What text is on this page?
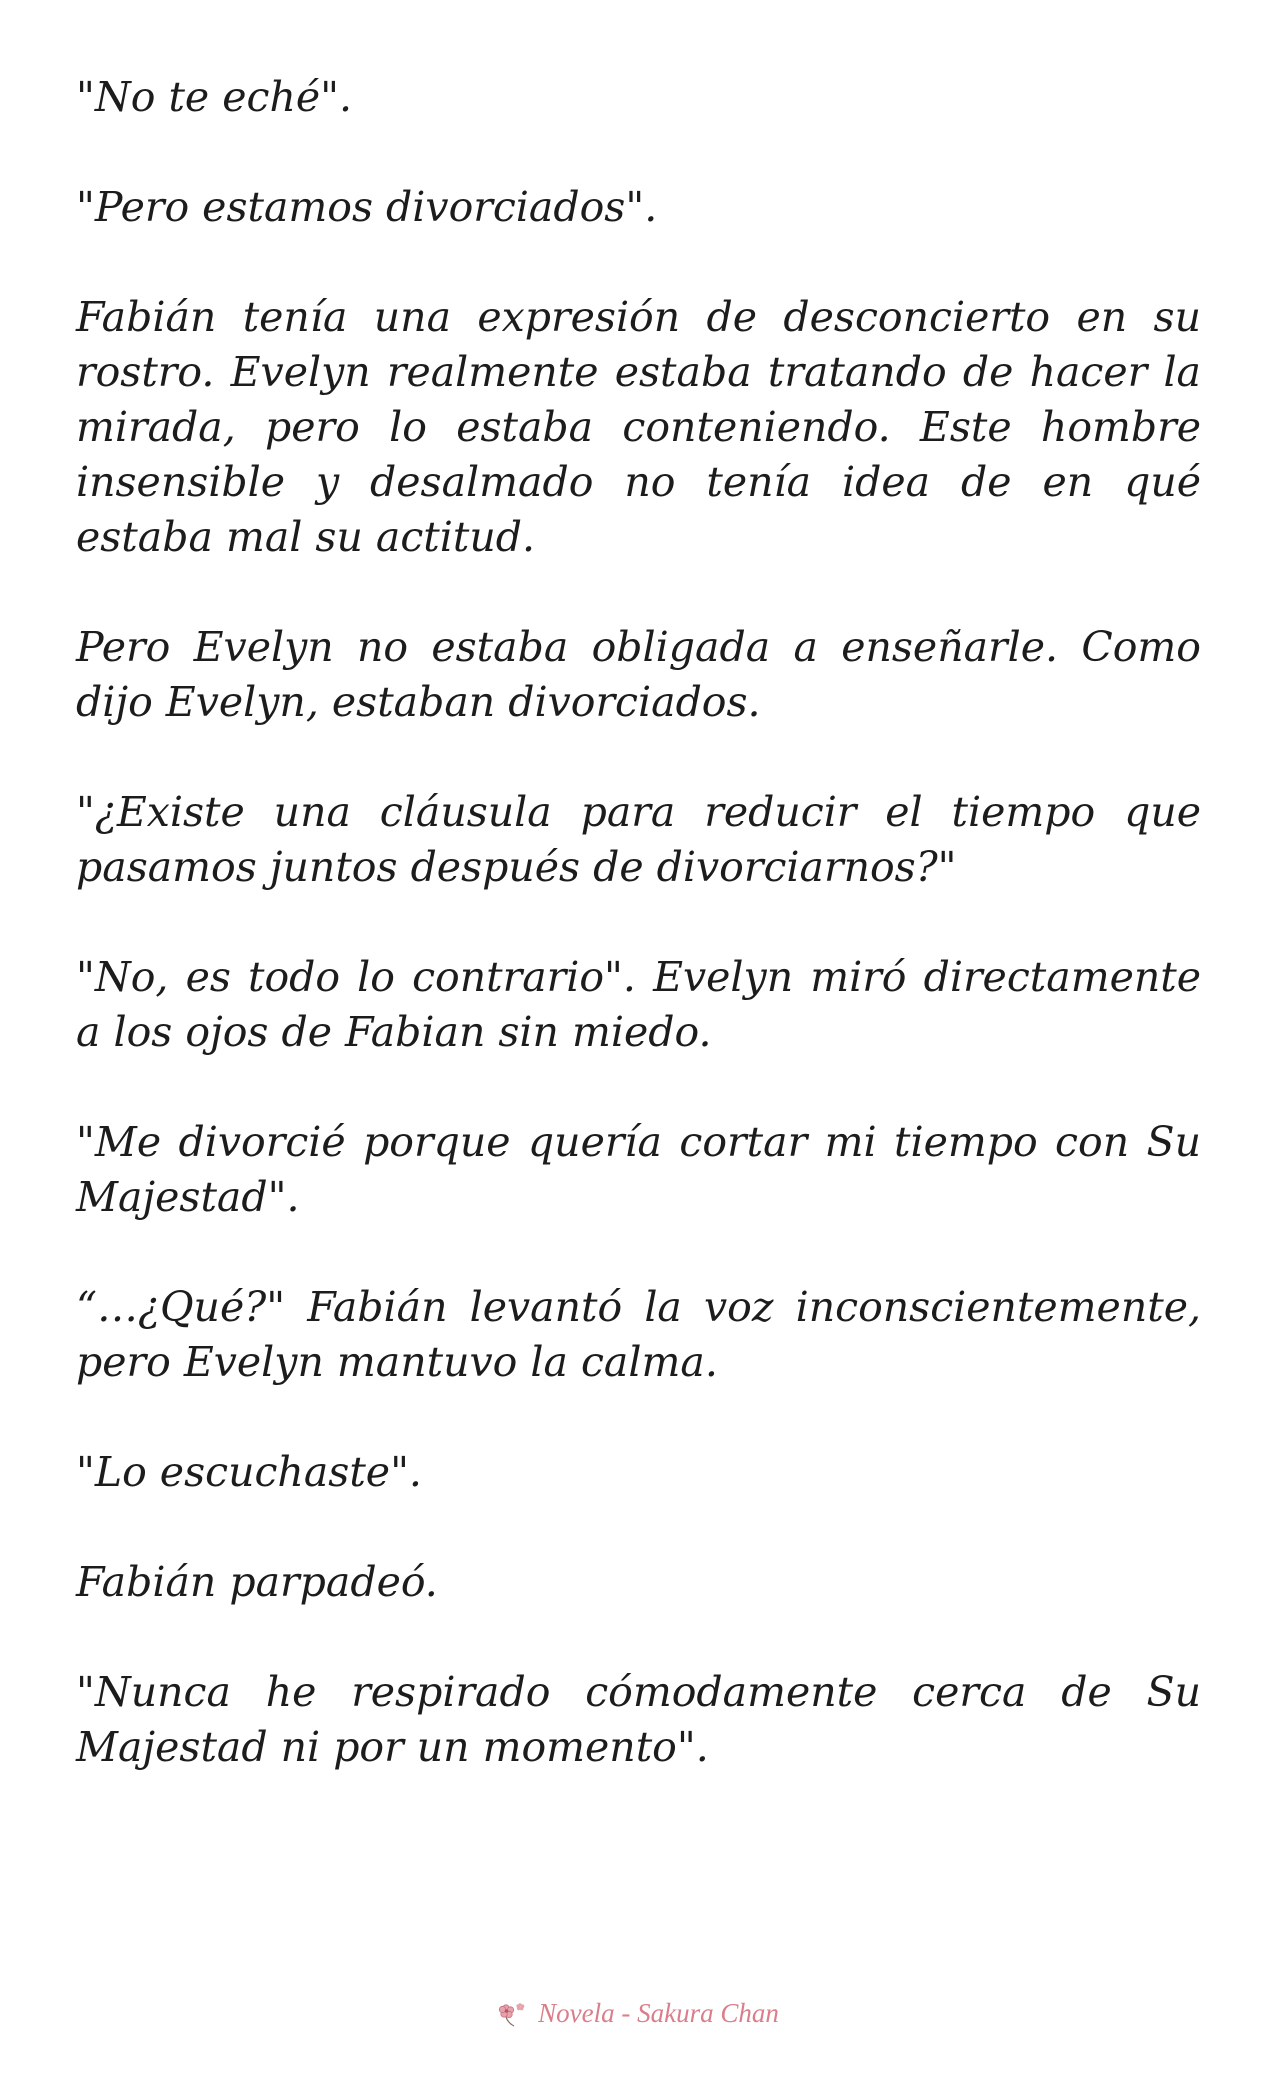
"No te eché".

"Pero estamos divorciados".

Fabián tenía una expresión de desconcierto en su rostro. Evelyn realmente estaba tratando de hacer la mirada, pero lo estaba conteniendo. Este hombre insensible y desalmado no tenía idea de en qué estaba mal su actitud.

Pero Evelyn no estaba obligada a enseñarle. Como dijo Evelyn, estaban divorciados.

"¿Existe una cláusula para reducir el tiempo que pasamos juntos después de divorciarnos?"

"No, es todo lo contrario". Evelyn miró directamente a los ojos de Fabian sin miedo.

"Me divorcié porque quería cortar mi tiempo con Su Majestad".

“…¿Qué?" Fabián levantó la voz inconscientemente, pero Evelyn mantuvo la calma.

"Lo escuchaste".

Fabián parpadeó.

"Nunca he respirado cómodamente cerca de Su Majestad ni por un momento".

Novela - Sakura Chan
